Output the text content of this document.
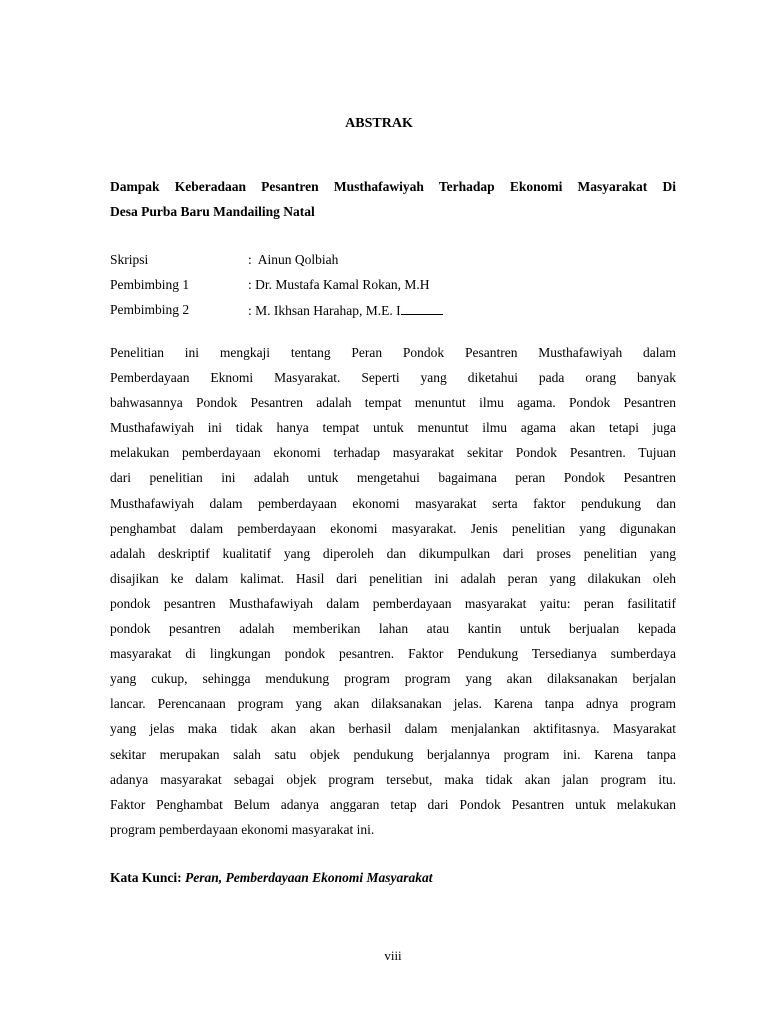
ABSTRAK
Dampak Keberadaan Pesantren Musthafawiyah Terhadap Ekonomi Masyarakat Di
Desa Purba Baru Mandailing Natal
Skripsi	:  Ainun Qolbiah
Pembimbing 1	: Dr. Mustafa Kamal Rokan, M.H
Pembimbing 2	: M. Ikhsan Harahap, M.E. I
Penelitian ini mengkaji tentang Peran Pondok Pesantren Musthafawiyah dalam
Pemberdayaan Eknomi Masyarakat. Seperti yang diketahui pada orang banyak
bahwasannya Pondok Pesantren adalah tempat menuntut ilmu agama. Pondok Pesantren
Musthafawiyah ini tidak hanya tempat untuk menuntut ilmu agama akan tetapi juga
melakukan pemberdayaan ekonomi terhadap masyarakat sekitar Pondok Pesantren. Tujuan
dari penelitian ini adalah untuk mengetahui bagaimana peran Pondok Pesantren
Musthafawiyah dalam pemberdayaan ekonomi masyarakat serta faktor pendukung dan
penghambat dalam pemberdayaan ekonomi masyarakat. Jenis penelitian yang digunakan
adalah deskriptif kualitatif yang diperoleh dan dikumpulkan dari proses penelitian yang
disajikan ke dalam kalimat. Hasil dari penelitian ini adalah peran yang dilakukan oleh
pondok pesantren Musthafawiyah dalam pemberdayaan masyarakat yaitu: peran fasilitatif
pondok pesantren adalah memberikan lahan atau kantin untuk berjualan kepada
masyarakat di lingkungan pondok pesantren. Faktor Pendukung Tersedianya sumberdaya
yang cukup, sehingga mendukung program program yang akan dilaksanakan berjalan
lancar. Perencanaan program yang akan dilaksanakan jelas. Karena tanpa adnya program
yang jelas maka tidak akan akan berhasil dalam menjalankan aktifitasnya. Masyarakat
sekitar merupakan salah satu objek pendukung berjalannya program ini. Karena tanpa
adanya masyarakat sebagai objek program tersebut, maka tidak akan jalan program itu.
Faktor Penghambat Belum adanya anggaran tetap dari Pondok Pesantren untuk melakukan
program pemberdayaan ekonomi masyarakat ini.

Kata Kunci: Peran, Pemberdayaan Ekonomi Masyarakat

viii
